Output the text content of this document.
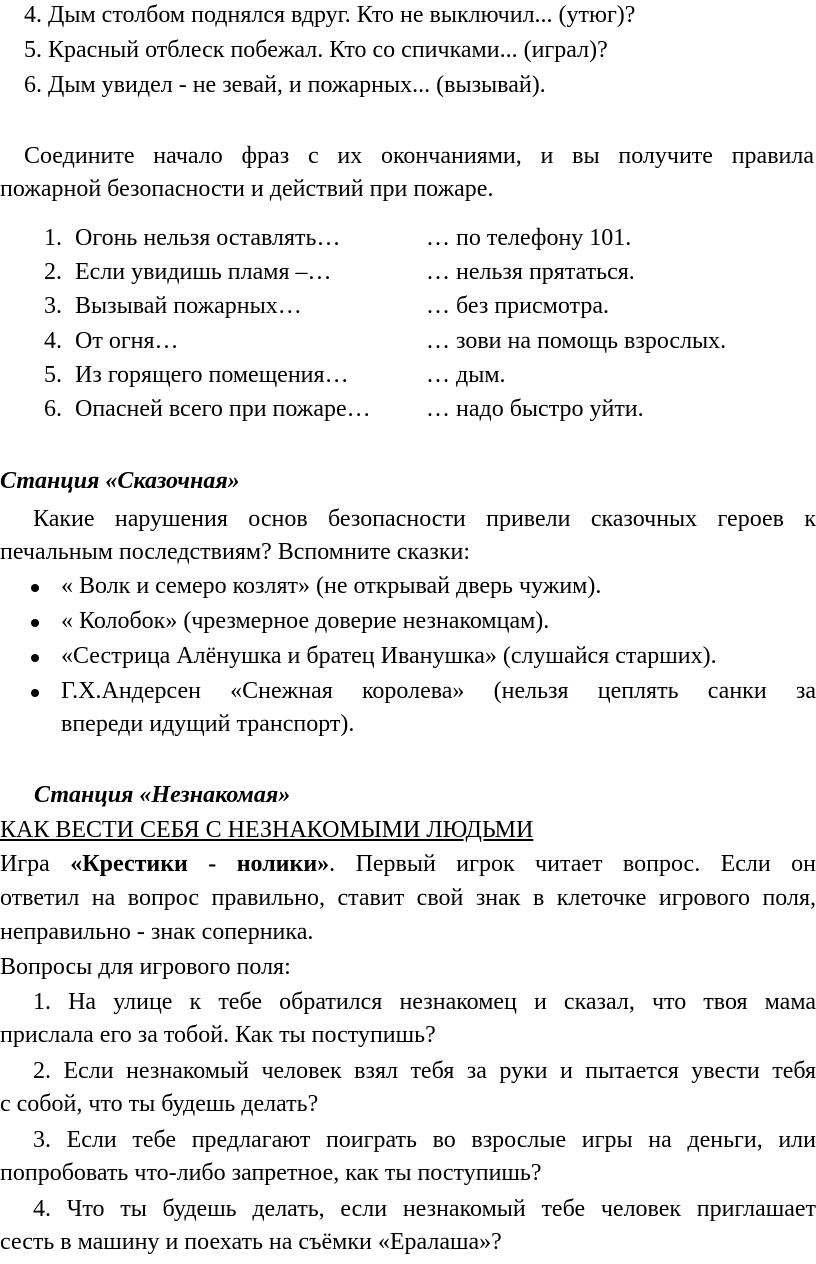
4. Дым столбом поднялся вдруг. Кто не выключил... (утюг)?
5. Красный отблеск побежал. Кто со спичками... (играл)?
6. Дым увидел - не зевай, и пожарных... (вызывай).
Соедините начало фраз с их окончаниями, и вы получите правила
пожарной безопасности и действий при пожаре.
1. Огонь нельзя оставлять…	… по телефону 101.
2. Если увидишь пламя –…	… нельзя прятаться.
3. Вызывай пожарных…	… без присмотра.
4. От огня…	… зови на помощь взрослых.
5. Из горящего помещения…	… дым.
6. Опасней всего при пожаре… … надо быстро уйти.
Станция «Сказочная»
Какие нарушения основ безопасности привели сказочных героев к
печальным последствиям? Вспомните сказки:
« Волк и семеро козлят» (не открывай дверь чужим).
« Колобок» (чрезмерное доверие незнакомцам).
«Сестрица Алёнушка и братец Иванушка» (слушайся старших).
Г.Х.Андерсен «Снежная королева» (нельзя цеплять санки за
впереди идущий транспорт).
Станция «Незнакомая»
КАК ВЕСТИ СЕБЯ С НЕЗНАКОМЫМИ ЛЮДЬМИ
Игра «Крестики - нолики». Первый игрок читает вопрос. Если он
ответил на вопрос правильно, ставит свой знак в клеточке игрового поля,
неправильно - знак соперника.
Вопросы для игрового поля:
1. На улице к тебе обратился незнакомец и сказал, что твоя мама
прислала его за тобой. Как ты поступишь?
2. Если незнакомый человек взял тебя за руки и пытается увести тебя
с собой, что ты будешь делать?
3. Если тебе предлагают поиграть во взрослые игры на деньги, или
попробовать что-либо запретное, как ты поступишь?
4. Что ты будешь делать, если незнакомый тебе человек приглашает
сесть в машину и поехать на съёмки «Ералаша»?
